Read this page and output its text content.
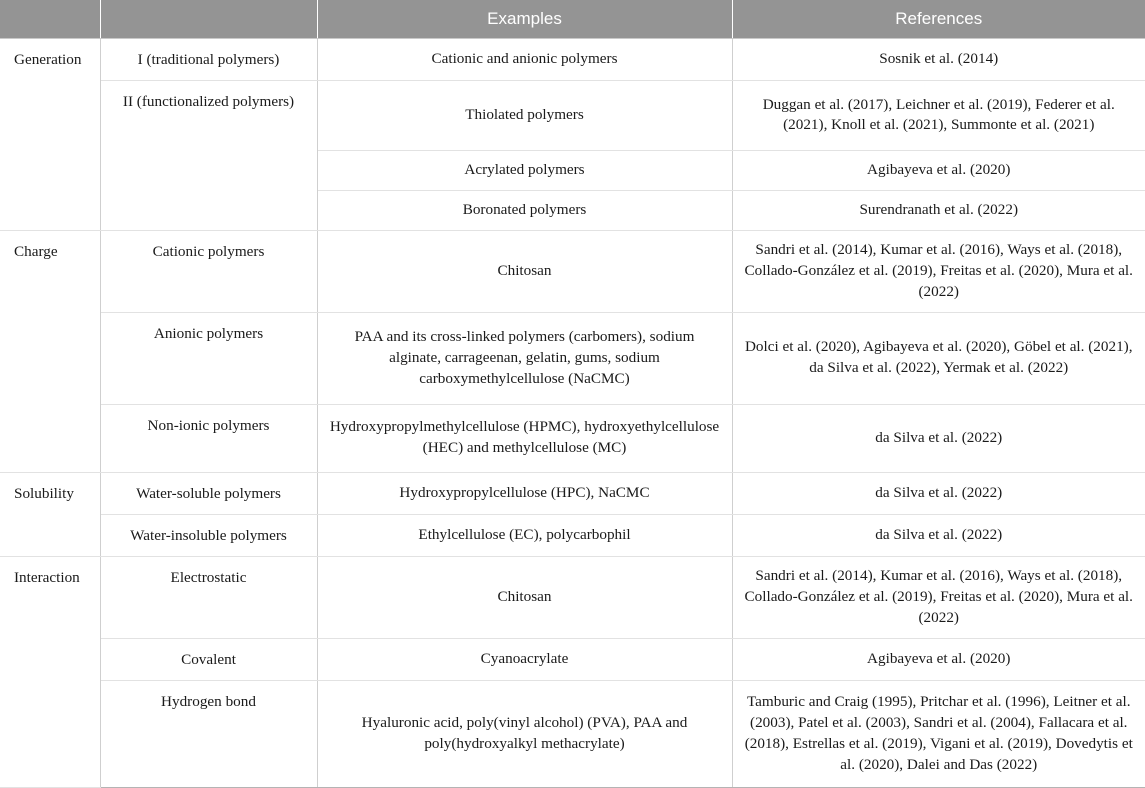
		Examples	References
Generation	I (traditional polymers)	Cationic and anionic polymers	Sosnik et al. (2014)
	II (functionalized polymers)	Thiolated polymers	Duggan et al. (2017), Leichner et al. (2019), Federer et al. (2021), Knoll et al. (2021), Summonte et al. (2021)
		Acrylated polymers	Agibayeva et al. (2020)
		Boronated polymers	Surendranath et al. (2022)
Charge	Cationic polymers	Chitosan	Sandri et al. (2014), Kumar et al. (2016), Ways et al. (2018), Collado-González et al. (2019), Freitas et al. (2020), Mura et al. (2022)
	Anionic polymers	PAA and its cross-linked polymers (carbomers), sodium alginate, carrageenan, gelatin, gums, sodium carboxymethylcellulose (NaCMC)	Dolci et al. (2020), Agibayeva et al. (2020), Göbel et al. (2021), da Silva et al. (2022), Yermak et al. (2022)
	Non-ionic polymers	Hydroxypropylmethylcellulose (HPMC), hydroxyethylcellulose (HEC) and methylcellulose (MC)	da Silva et al. (2022)
Solubility	Water-soluble polymers	Hydroxypropylcellulose (HPC), NaCMC	da Silva et al. (2022)
	Water-insoluble polymers	Ethylcellulose (EC), polycarbophil	da Silva et al. (2022)
Interaction	Electrostatic	Chitosan	Sandri et al. (2014), Kumar et al. (2016), Ways et al. (2018), Collado-González et al. (2019), Freitas et al. (2020), Mura et al. (2022)
	Covalent	Cyanoacrylate	Agibayeva et al. (2020)
	Hydrogen bond	Hyaluronic acid, poly(vinyl alcohol) (PVA), PAA and poly(hydroxyalkyl methacrylate)	Tamburic and Craig (1995), Pritchar et al. (1996), Leitner et al. (2003), Patel et al. (2003), Sandri et al. (2004), Fallacara et al. (2018), Estrellas et al. (2019), Vigani et al. (2019), Dovedytis et al. (2020), Dalei and Das (2022)
